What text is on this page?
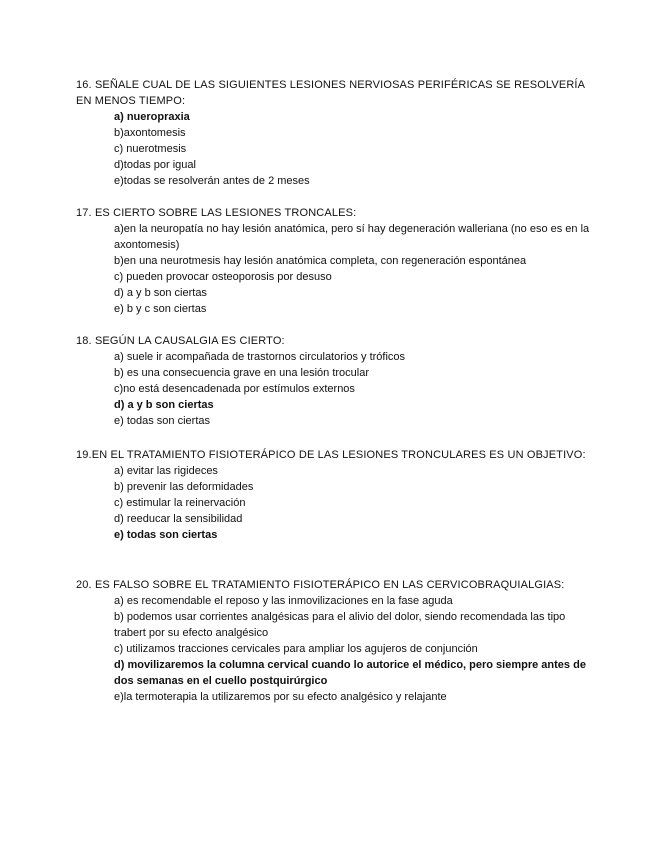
16. SEÑALE CUAL DE LAS SIGUIENTES LESIONES NERVIOSAS PERIFÉRICAS SE RESOLVERÍA EN MENOS TIEMPO:
a) nueropraxia
b)axontomesis
c) nuerotmesis
d)todas por igual
e)todas se resolverán antes de 2 meses
17. ES CIERTO SOBRE LAS LESIONES TRONCALES:
a)en la neuropatía no hay lesión anatómica, pero sí hay degeneración walleriana (no eso es en la axontomesis)
b)en una neurotmesis hay lesión anatómica completa, con regeneración espontánea
c) pueden provocar osteoporosis por desuso
d) a y b son ciertas
e) b y c son ciertas
18. SEGÚN LA CAUSALGIA ES CIERTO:
a) suele ir acompañada de trastornos circulatorios y tróficos
b) es una consecuencia grave en una lesión trocular
c)no está desencadenada por estímulos externos
d) a y b son ciertas
e) todas son ciertas
19.EN EL TRATAMIENTO FISIOTERÁPICO DE LAS LESIONES TRONCULARES ES UN OBJETIVO:
a) evitar las rigideces
b) prevenir las deformidades
c) estimular la reinervación
d) reeducar la sensibilidad
e) todas son ciertas
20. ES FALSO SOBRE EL TRATAMIENTO FISIOTERÁPICO EN LAS CERVICOBRAQUIALGIAS:
a) es recomendable el reposo y las inmovilizaciones en la fase aguda
b) podemos usar corrientes analgésicas para el alivio del dolor, siendo recomendada las tipo trabert por su efecto analgésico
c) utilizamos tracciones cervicales para ampliar los agujeros de conjunción
d) movilizaremos la columna cervical cuando lo autorice el médico, pero siempre antes de dos semanas en el cuello postquirúrgico
e)la termoterapia la utilizaremos por su efecto analgésico y relajante
